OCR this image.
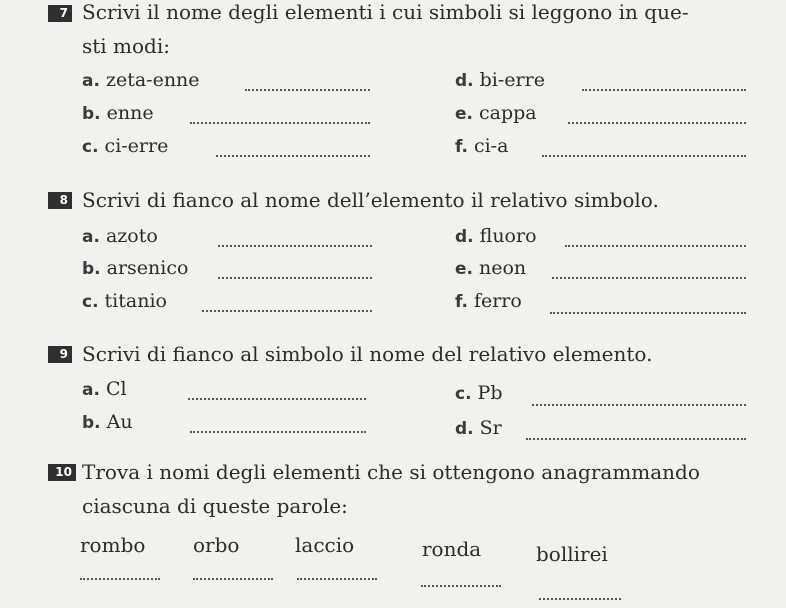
7 Scrivi il nome degli elementi i cui simboli si leggono in que-
sti modi:
a. zeta-enne
b. enne
c. ci-erre
d. bi-erre
e. cappa
f. ci-a
8 Scrivi di fianco al nome dell’elemento il relativo simbolo.
a. azoto
b. arsenico
c. titanio
d. fluoro
e. neon
f. ferro
9 Scrivi di fianco al simbolo il nome del relativo elemento.
a. Cl
b. Au
c. Pb
d. Sr
10 Trova i nomi degli elementi che si ottengono anagrammando
ciascuna di queste parole:
rombo orbo	laccio	ronda	bollirei
